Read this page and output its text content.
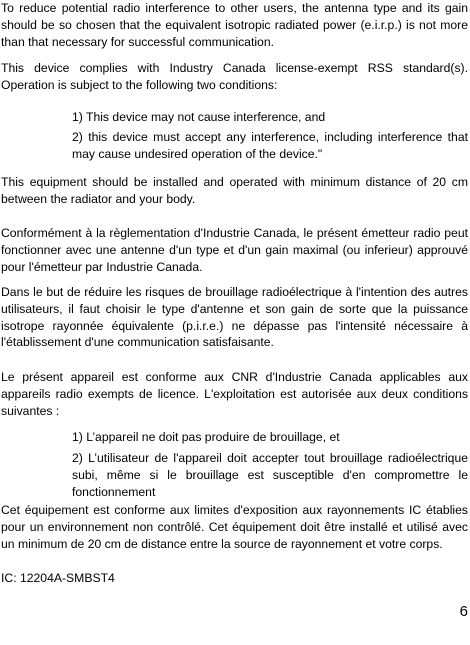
To reduce potential radio interference to other users, the antenna type and its gain should be so chosen that the equivalent isotropic radiated power (e.i.r.p.) is not more than that necessary for successful communication.

This device complies with Industry Canada license-exempt RSS standard(s). Operation is subject to the following two conditions:

1) This device may not cause interference, and

2) this device must accept any interference, including interference that may cause undesired operation of the device."

This equipment should be installed and operated with minimum distance of 20 cm between the radiator and your body.

Conformément à la règlementation d'Industrie Canada, le présent émetteur radio peut fonctionner avec une antenne d'un type et d'un gain maximal (ou inferieur) approuvé pour l'émetteur par Industrie Canada.

Dans le but de réduire les risques de brouillage radioélectrique à l'intention des autres utilisateurs, il faut choisir le type d'antenne et son gain de sorte que la puissance isotrope rayonnée équivalente (p.i.r.e.) ne dépasse pas l'intensité nécessaire à l'établissement d'une communication satisfaisante.

Le présent appareil est conforme aux CNR d'Industrie Canada applicables aux appareils radio exempts de licence. L'exploitation est autorisée aux deux conditions suivantes :

1) L’appareil ne doit pas produire de brouillage, et

2) L’utilisateur de l'appareil doit accepter tout brouillage radioélectrique subi, même si le brouillage est susceptible d'en compromettre le fonctionnement

Cet équipement est conforme aux limites d'exposition aux rayonnements IC établies pour un environnement non contrôlé. Cet équipement doit être installé et utilisé avec un minimum de 20 cm de distance entre la source de rayonnement et votre corps.

IC: 12204A-SMBST4

6
